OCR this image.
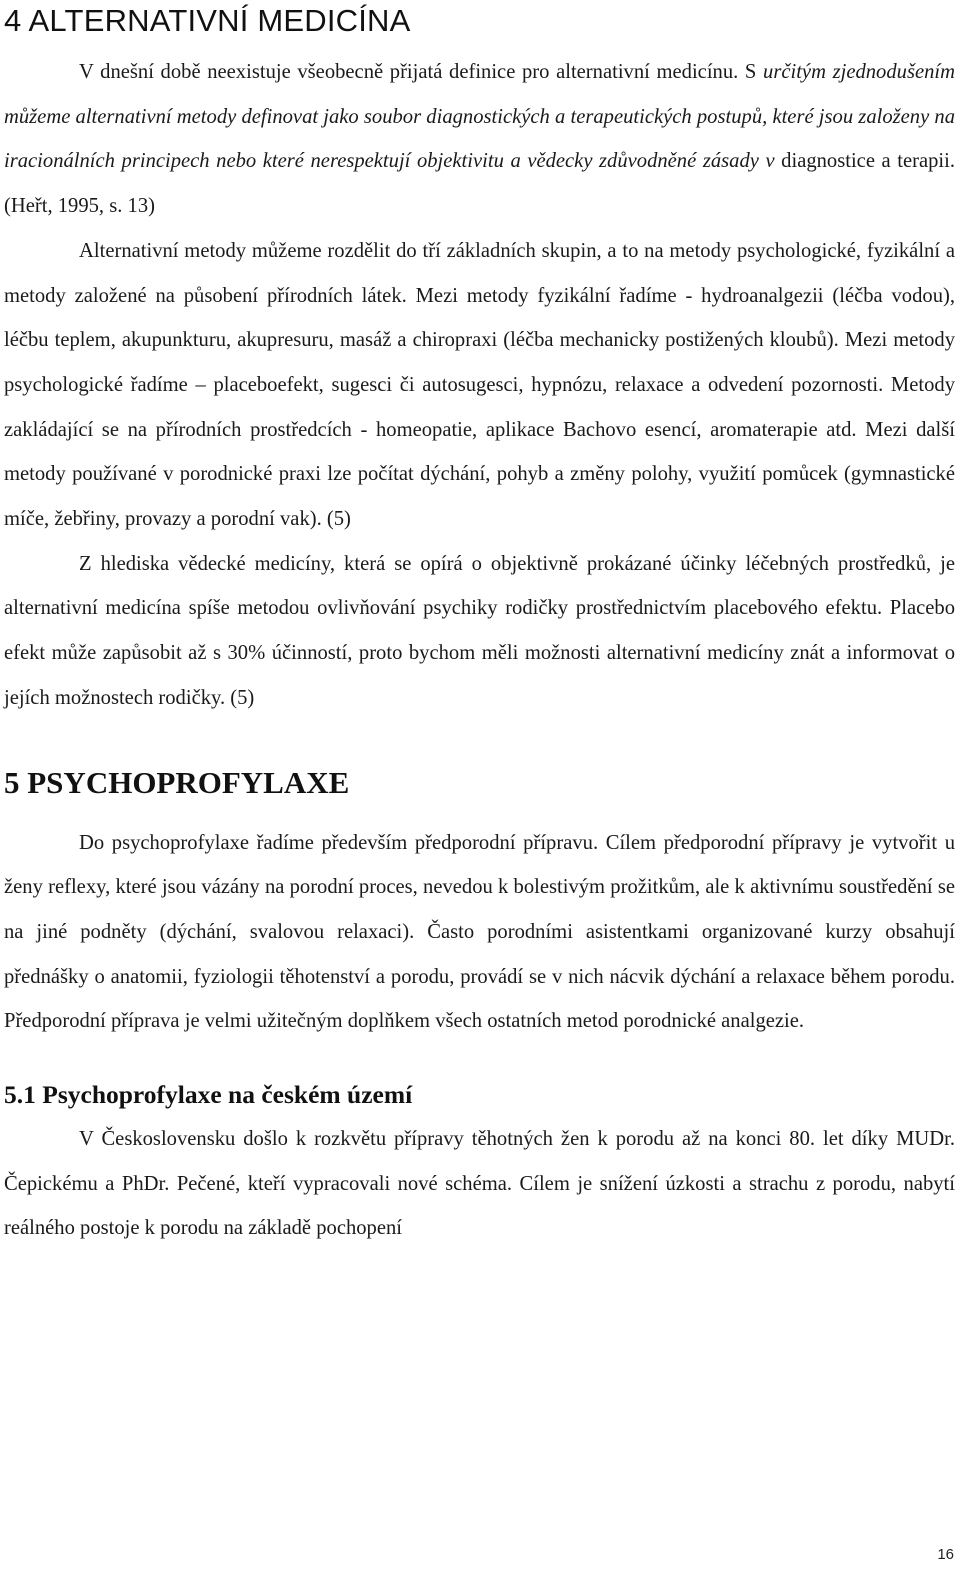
4 ALTERNATIVNÍ MEDICÍNA

V dnešní době neexistuje všeobecně přijatá definice pro alternativní medicínu. S určitým zjednodušením můžeme alternativní metody definovat jako soubor diagnostických a terapeutických postupů, které jsou založeny na iracionálních principech nebo které nerespektují objektivitu a vědecky zdůvodněné zásady v diagnostice a terapii.(Heřt, 1995, s. 13)

Alternativní metody můžeme rozdělit do tří základních skupin, a to na metody psychologické, fyzikální a metody založené na působení přírodních látek. Mezi metody fyzikální řadíme - hydroanalgezii (léčba vodou), léčbu teplem, akupunkturu, akupresuru, masáž a chiropraxi (léčba mechanicky postižených kloubů). Mezi metody psychologické řadíme – placeboefekt, sugesci či autosugesci, hypnózu, relaxace a odvedení pozornosti. Metody zakládající se na přírodních prostředcích - homeopatie, aplikace Bachovo esencí, aromaterapie atd. Mezi další metody používané v porodnické praxi lze počítat dýchání, pohyb a změny polohy, využití pomůcek (gymnastické míče, žebřiny, provazy a porodní vak). (5)

Z hlediska vědecké medicíny, která se opírá o objektivně prokázané účinky léčebných prostředků, je alternativní medicína spíše metodou ovlivňování psychiky rodičky prostřednictvím placebového efektu. Placebo efekt může zapůsobit až s 30% účinností, proto bychom měli možnosti alternativní medicíny znát a informovat o jejích možnostech rodičky. (5)

5 PSYCHOPROFYLAXE

Do psychoprofylaxe řadíme především předporodní přípravu. Cílem předporodní přípravy je vytvořit u ženy reflexy, které jsou vázány na porodní proces, nevedou k bolestivým prožitkům, ale k aktivnímu soustředění se na jiné podněty (dýchání, svalovou relaxaci). Často porodními asistentkami organizované kurzy obsahují přednášky o anatomii, fyziologii těhotenství a porodu, provádí se v nich nácvik dýchání a relaxace během porodu. Předporodní příprava je velmi užitečným doplňkem všech ostatních metod porodnické analgezie.

5.1 Psychoprofylaxe na českém území

V Československu došlo k rozkvětu přípravy těhotných žen k porodu až na konci 80. let díky MUDr. Čepickému a PhDr. Pečené, kteří vypracovali nové schéma. Cílem je snížení úzkosti a strachu z porodu, nabytí reálného postoje k porodu na základě pochopení

16
